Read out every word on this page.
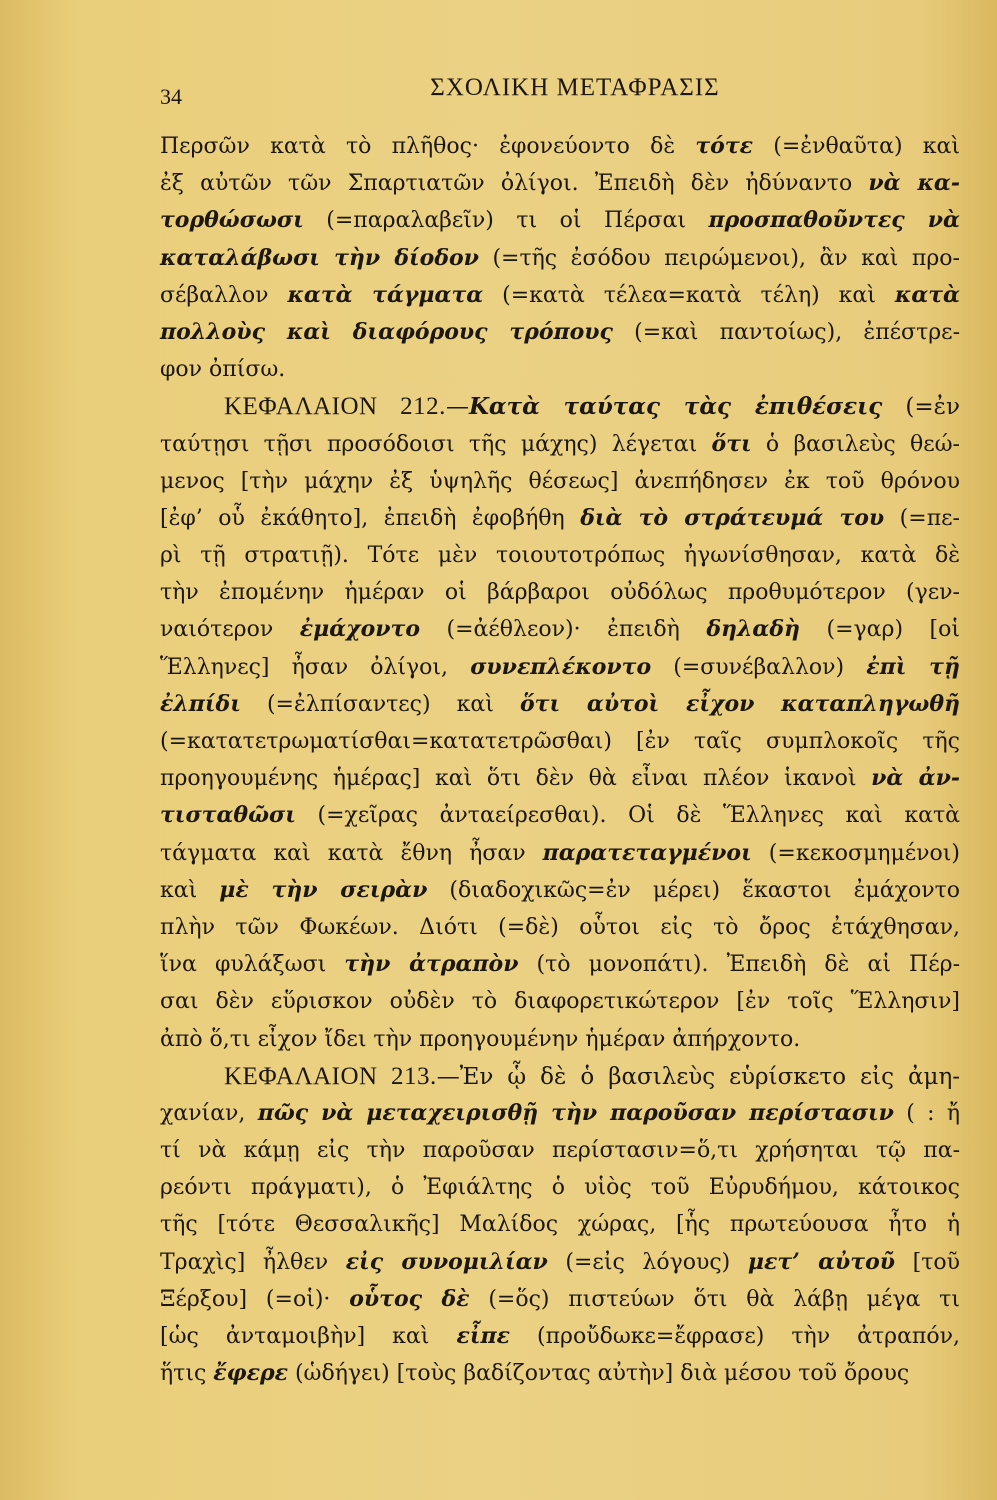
34	ΣΧΟΛΙΚΗ ΜΕΤΑΦΡΑΣΙΣ
Περσῶν κατὰ τὸ πλῆθος· ἐφονεύοντο δὲ τότε (=ἐνθαῦτα) καὶ
ἐξ αὐτῶν τῶν Σπαρτιατῶν ὀλίγοι. Ἐπειδὴ δὲν ἠδύναντο νὰ κα-
τορθώσωσι (=παραλαβεῖν) τι οἱ Πέρσαι προσπαθοῦντες νὰ
καταλάβωσι τὴν δίοδον (=τῆς ἐσόδου πειρώμενοι), ἂν καὶ προ-
σέβαλλον κατὰ τάγματα (=κατὰ τέλεα=κατὰ τέλη) καὶ κατὰ
πολλοὺς καὶ διαφόρους τρόπους (=καὶ παντοίως), ἐπέστρε-
φον ὀπίσω.
ΚΕΦΑΛΑΙΟΝ 212.—Κατὰ ταύτας τὰς ἐπιθέσεις (=ἐν
ταύτῃσι τῇσι προσόδοισι τῆς μάχης) λέγεται ὅτι ὁ βασιλεὺς θεώ-
μενος [τὴν μάχην ἐξ ὑψηλῆς θέσεως] ἀνεπήδησεν ἐκ τοῦ θρόνου
[ἐφ’ οὗ ἐκάθητο], ἐπειδὴ ἐφοβήθη διὰ τὸ στράτευμά του (=πε-
ρὶ τῇ στρατιῇ). Τότε μὲν τοιουτοτρόπως ἠγωνίσθησαν, κατὰ δὲ
τὴν ἐπομένην ἡμέραν οἱ βάρβαροι οὐδόλως προθυμότερον (γεν-
ναιότερον ἐμάχοντο (=ἀέθλεον)· ἐπειδὴ δηλαδὴ (=γαρ) [οἱ
Ἕλληνες] ἦσαν ὀλίγοι, συνεπλέκοντο (=συνέβαλλον) ἐπὶ τῇ
ἐλπίδι (=ἐλπίσαντες) καὶ ὅτι αὐτοὶ εἶχον καταπληγωθῆ
(=κατατετρωματίσθαι=κατατετρῶσθαι) [ἐν ταῖς συμπλοκοῖς τῆς
προηγουμένης ἡμέρας] καὶ ὅτι δὲν θὰ εἶναι πλέον ἱκανοὶ νὰ ἀν-
τισταθῶσι (=χεῖρας ἀνταείρεσθαι). Οἱ δὲ Ἕλληνες καὶ κατὰ
τάγματα καὶ κατὰ ἔθνη ἦσαν παρατεταγμένοι (=κεκοσμημένοι)
καὶ μὲ τὴν σειρὰν (διαδοχικῶς=ἐν μέρει) ἕκαστοι ἐμάχοντο
πλὴν τῶν Φωκέων. Διότι (=δὲ) οὗτοι εἰς τὸ ὄρος ἐτάχθησαν,
ἵνα φυλάξωσι τὴν ἀτραπὸν (τὸ μονοπάτι). Ἐπειδὴ δὲ αἱ Πέρ-
σαι δὲν εὕρισκον οὐδὲν τὸ διαφορετικώτερον [ἐν τοῖς Ἕλλησιν]
ἀπὸ ὅ,τι εἶχον ἴδει τὴν προηγουμένην ἡμέραν ἀπήρχοντο.
ΚΕΦΑΛΑΙΟΝ 213.—Ἐν ᾧ δὲ ὁ βασιλεὺς εὑρίσκετο εἰς ἀμη-
χανίαν, πῶς νὰ μεταχειρισθῇ τὴν παροῦσαν περίστασιν ( : ἤ
τί νὰ κάμῃ εἰς τὴν παροῦσαν περίστασιν=ὅ,τι χρήσηται τῷ πα-
ρεόντι πράγματι), ὁ Ἐφιάλτης ὁ υἱὸς τοῦ Εὐρυδήμου, κάτοικος
τῆς [τότε Θεσσαλικῆς] Μαλίδος χώρας, [ἧς πρωτεύουσα ἦτο ἡ
Τραχὶς] ἦλθεν εἰς συνομιλίαν (=εἰς λόγους) μετ’ αὐτοῦ [τοῦ
Ξέρξου] (=οἱ)· οὗτος δὲ (=ὅς) πιστεύων ὅτι θὰ λάβῃ μέγα τι
[ὡς ἀνταμοιβὴν] καὶ εἶπε (προὔδωκε=ἔφρασε) τὴν ἀτραπόν,
ἥτις ἔφερε (ὡδήγει) [τοὺς βαδίζοντας αὐτὴν] διὰ μέσου τοῦ ὄρους
